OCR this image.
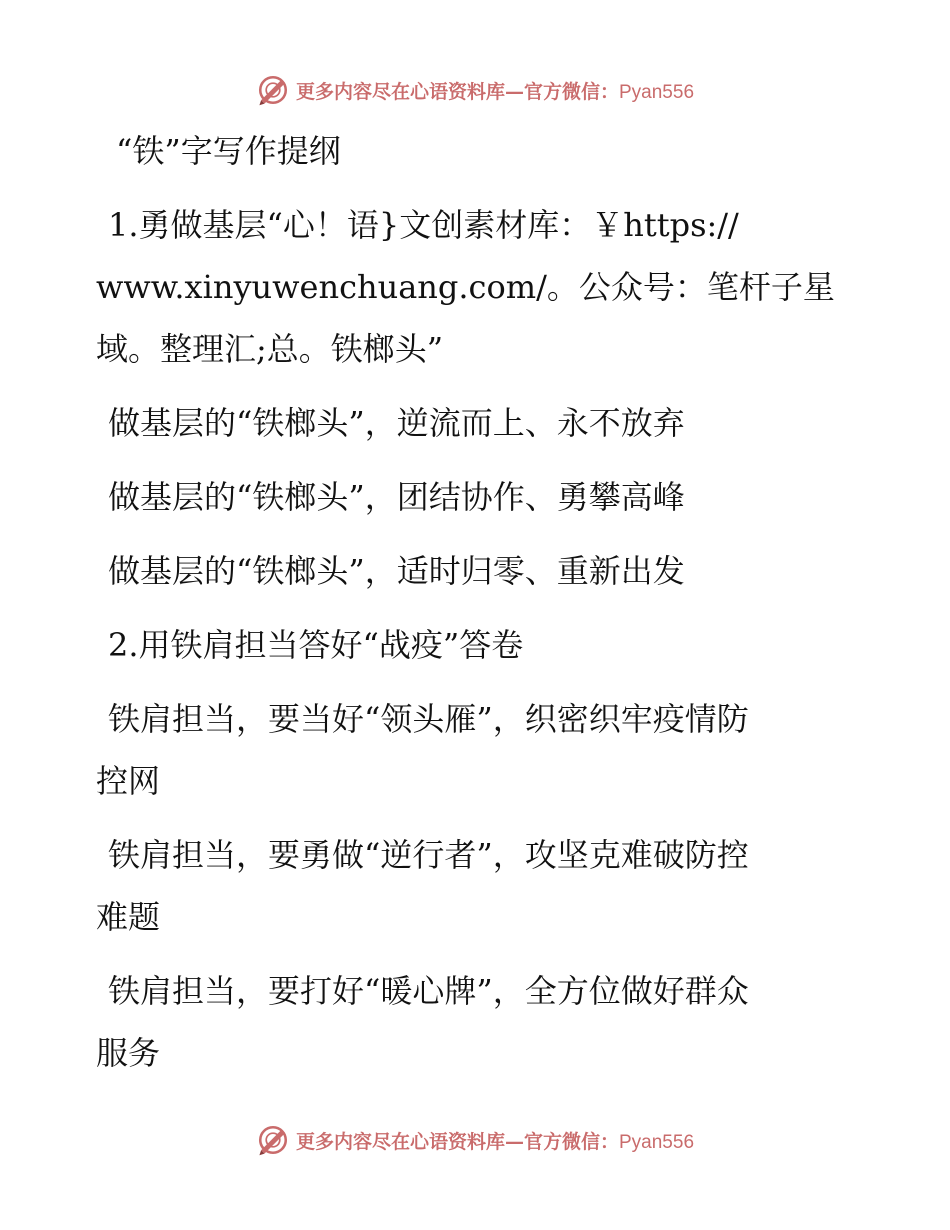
更多内容尽在心语资料库—官方微信：Pyan556

“铁”字写作提纲

1.勇做基层“心！语}文创素材库：￥https://
www.xinyuwenchuang.com/。公众号：笔杆子星
域。整理汇;总。铁榔头”

做基层的“铁榔头”，逆流而上、永不放弃

做基层的“铁榔头”，团结协作、勇攀高峰

做基层的“铁榔头”，适时归零、重新出发

2.用铁肩担当答好“战疫”答卷

铁肩担当，要当好“领头雁”，织密织牢疫情防
控网
铁肩担当，要勇做“逆行者”，攻坚克难破防控
难题
铁肩担当，要打好“暖心牌”，全方位做好群众
服务
更多内容尽在心语资料库—官方微信：Pyan556
